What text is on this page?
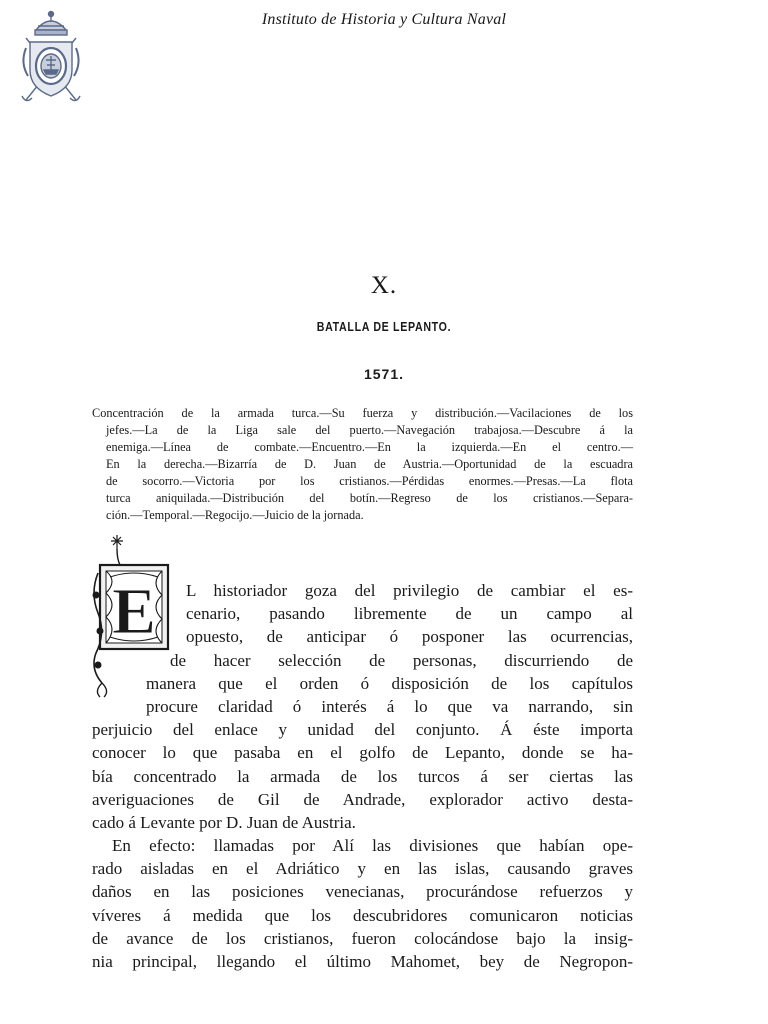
Instituto de Historia y Cultura Naval
X.
BATALLA DE LEPANTO.
1571.
Concentración de la armada turca.—Su fuerza y distribución.—Vacilaciones de los
jefes.—La de la Liga sale del puerto.—Navegación trabajosa.—Descubre á la
enemiga.—Línea de combate.—Encuentro.—En la izquierda.—En el centro.—
En la derecha.—Bizarría de D. Juan de Austria.—Oportunidad de la escuadra
de socorro.—Victoria por los cristianos.—Pérdidas enormes.—Presas.—La flota
turca aniquilada.—Distribución del botín.—Regreso de los cristianos.—Separa-
ción.—Temporal.—Regocijo.—Juicio de la jornada.
E L historiador goza del privilegio de cambiar el es-
cenario, pasando libremente de un campo al
opuesto, de anticipar ó posponer las ocurrencias,
de hacer selección de personas, discurriendo de
manera que el orden ó disposición de los capítulos
procure claridad ó interés á lo que va narrando, sin
perjuicio del enlace y unidad del conjunto. Á éste importa
conocer lo que pasaba en el golfo de Lepanto, donde se ha-
bía concentrado la armada de los turcos á ser ciertas las
averiguaciones de Gil de Andrade, explorador activo desta-
cado á Levante por D. Juan de Austria.
En efecto: llamadas por Alí las divisiones que habían ope-
rado aisladas en el Adriático y en las islas, causando graves
daños en las posiciones venecianas, procurándose refuerzos y
víveres á medida que los descubridores comunicaron noticias
de avance de los cristianos, fueron colocándose bajo la insig-
nia principal, llegando el último Mahomet, bey de Negropon-
